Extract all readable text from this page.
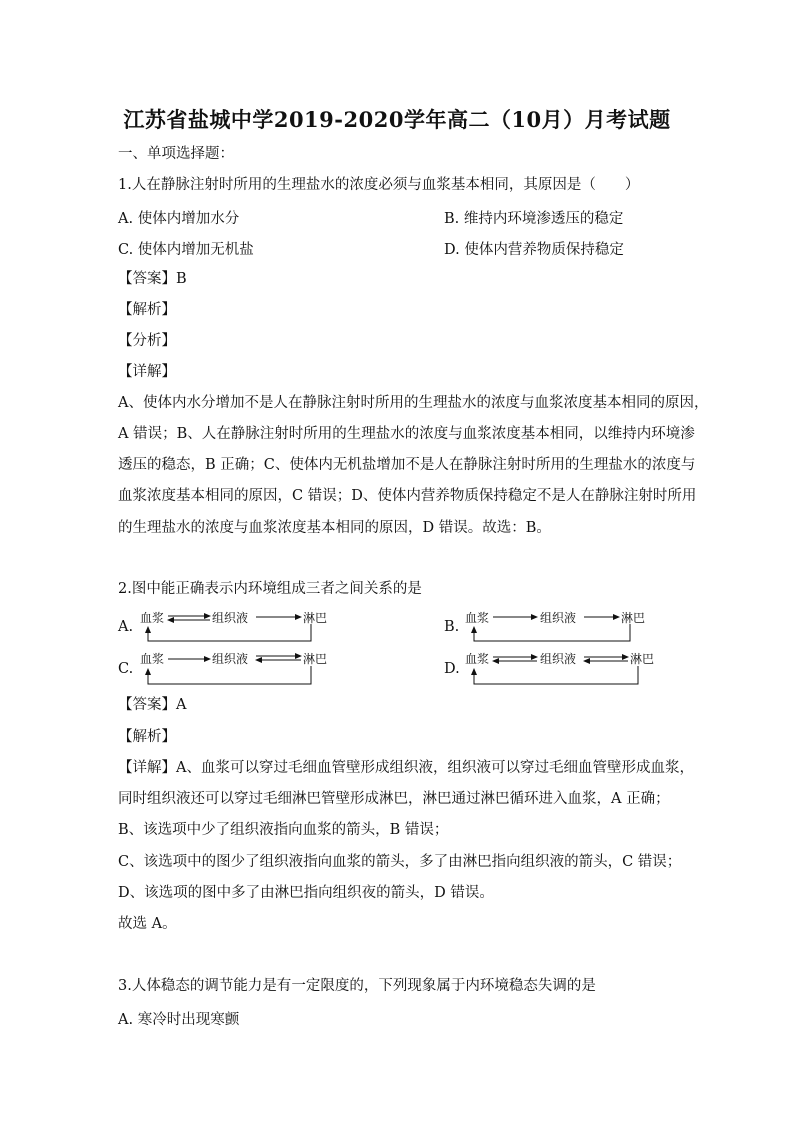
江苏省盐城中学2019-2020学年高二（10月）月考试题
一、单项选择题：
1.人在静脉注射时所用的生理盐水的浓度必须与血浆基本相同，其原因是（　　）
A. 使体内增加水分	B. 维持内环境渗透压的稳定
C. 使体内增加无机盐	D. 使体内营养物质保持稳定
【答案】B
【解析】
【分析】
【详解】
A、使体内水分增加不是人在静脉注射时所用的生理盐水的浓度与血浆浓度基本相同的原因，
A 错误；B、人在静脉注射时所用的生理盐水的浓度与血浆浓度基本相同，以维持内环境渗
透压的稳态，B 正确；C、使体内无机盐增加不是人在静脉注射时所用的生理盐水的浓度与
血浆浓度基本相同的原因，C 错误；D、使体内营养物质保持稳定不是人在静脉注射时所用
的生理盐水的浓度与血浆浓度基本相同的原因，D 错误。故选：B。
2.图中能正确表示内环境组成三者之间关系的是
A.	B.
C.	D.
血浆	组织液	淋巴	血浆	组织液	淋巴
血浆	组织液	淋巴	血浆	组织液	淋巴
【答案】A
【解析】
【详解】A、血浆可以穿过毛细血管壁形成组织液，组织液可以穿过毛细血管壁形成血浆，
同时组织液还可以穿过毛细淋巴管壁形成淋巴，淋巴通过淋巴循环进入血浆，A 正确；
B、该选项中少了组织液指向血浆的箭头，B 错误；
C、该选项中的图少了组织液指向血浆的箭头，多了由淋巴指向组织液的箭头，C 错误；
D、该选项的图中多了由淋巴指向组织夜的箭头，D 错误。
故选 A。
3.人体稳态的调节能力是有一定限度的，下列现象属于内环境稳态失调的是
A. 寒冷时出现寒颤
